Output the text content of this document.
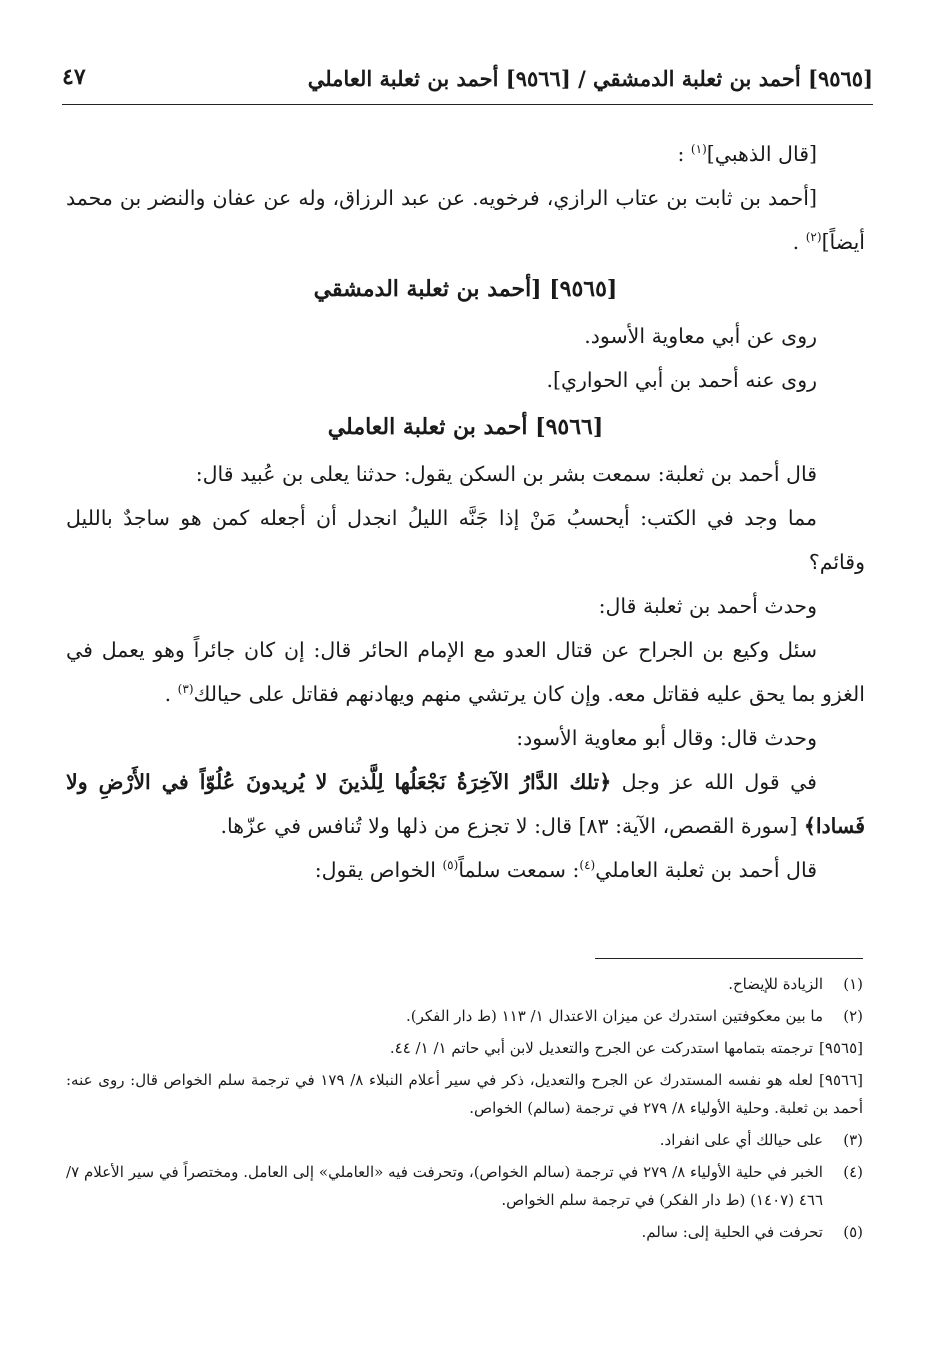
[٩٥٦٥] أحمد بن ثعلبة الدمشقي / [٩٥٦٦] أحمد بن ثعلبة العاملي
٤٧

[قال الذهبي]$^{(١)}$ :

[أحمد بن ثابت بن عتاب الرازي، فرخويه. عن عبد الرزاق، وله عن عفان والنضر بن محمد أيضاً]$^{(٢)}$ .

[٩٥٦٥] [أحمد بن ثعلبة الدمشقي

روى عن أبي معاوية الأسود.

روى عنه أحمد بن أبي الحواري].

[٩٥٦٦] أحمد بن ثعلبة العاملي

قال أحمد بن ثعلبة: سمعت بشر بن السكن يقول: حدثنا يعلى بن عُبيد قال:

مما وجد في الكتب: أيحسبُ مَنْ إذا جَنَّه الليلُ انجدل أن أجعله كمن هو ساجدٌ بالليل وقائم؟

وحدث أحمد بن ثعلبة قال:

سئل وكيع بن الجراح عن قتال العدو مع الإمام الحائر قال: إن كان جائراً وهو يعمل في الغزو بما يحق عليه فقاتل معه. وإن كان يرتشي منهم ويهادنهم فقاتل على حيالك$^{(٣)}$ .

وحدث قال: وقال أبو معاوية الأسود:

في قول الله عز وجل ﴿تلك الدَّارُ الآخِرَةُ نَجْعَلُها لِلَّذينَ لا يُريدونَ عُلُوّاً في الأَرْضِ ولا فَسادا﴾ [سورة القصص، الآية: ٨٣] قال: لا تجزع من ذلها ولا تُنافس في عزّها.

قال أحمد بن ثعلبة العاملي$^{(٤)}$: سمعت سلماً$^{(٥)}$ الخواص يقول:

(١)الزيادة للإيضاح.

(٢)ما بين معكوفتين استدرك عن ميزان الاعتدال ١/ ١١٣ (ط دار الفكر).

[٩٥٦٥]ترجمته بتمامها استدركت عن الجرح والتعديل لابن أبي حاتم ١/ ١/ ٤٤.

[٩٥٦٦]لعله هو نفسه المستدرك عن الجرح والتعديل، ذكر في سير أعلام النبلاء ٨/ ١٧٩ في ترجمة سلم الخواص قال: روى عنه: أحمد بن ثعلبة. وحلية الأولياء ٨/ ٢٧٩ في ترجمة (سالم) الخواص.

(٣)على حيالك أي على انفراد.

(٤)الخبر في حلية الأولياء ٨/ ٢٧٩ في ترجمة (سالم الخواص)، وتحرفت فيه «العاملي» إلى العامل. ومختصراً في سير الأعلام ٧/ ٤٦٦ (١٤٠٧) (ط دار الفكر) في ترجمة سلم الخواص.

(٥)تحرفت في الحلية إلى: سالم.
